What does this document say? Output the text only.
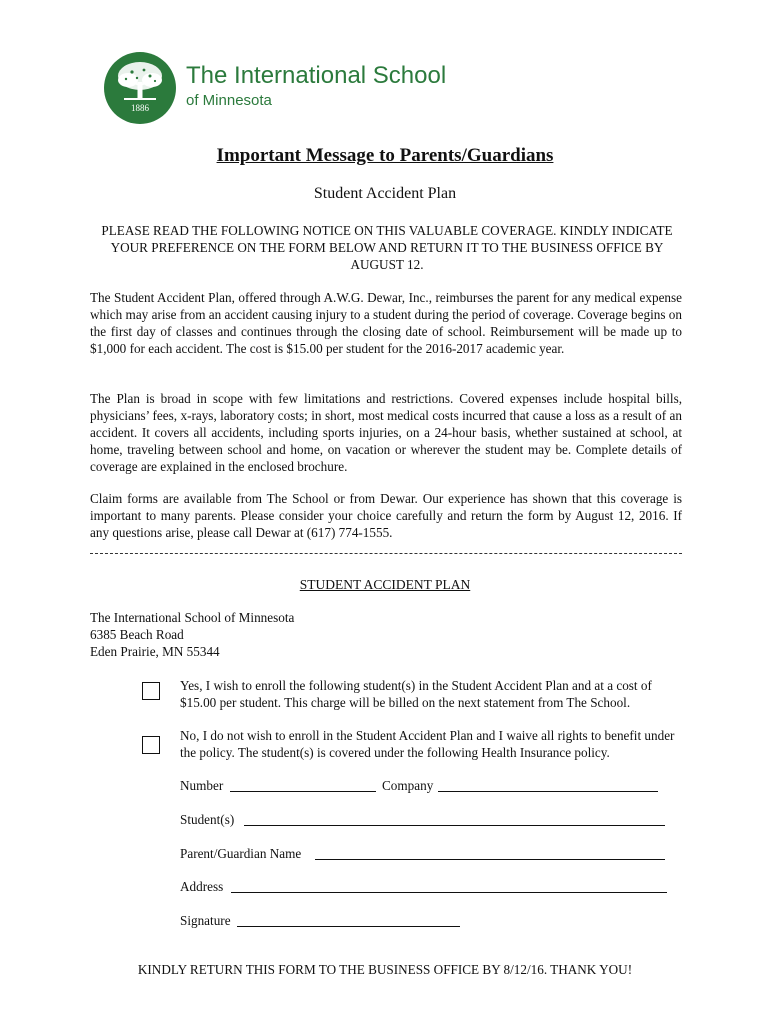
1886
The International School
of Minnesota
Important Message to Parents/Guardians
Student Accident Plan
PLEASE READ THE FOLLOWING NOTICE ON THIS VALUABLE COVERAGE. KINDLY INDICATE YOUR PREFERENCE ON THE FORM BELOW AND RETURN IT TO THE BUSINESS OFFICE BY AUGUST 12.

The Student Accident Plan, offered through A.W.G. Dewar, Inc., reimburses the parent for any medical expense which may arise from an accident causing injury to a student during the period of coverage. Coverage begins on the first day of classes and continues through the closing date of school. Reimbursement will be made up to $1,000 for each accident. The cost is $15.00 per student for the 2016-2017 academic year.

The Plan is broad in scope with few limitations and restrictions. Covered expenses include hospital bills, physicians’ fees, x-rays, laboratory costs; in short, most medical costs incurred that cause a loss as a result of an accident. It covers all accidents, including sports injuries, on a 24-hour basis, whether sustained at school, at home, traveling between school and home, on vacation or wherever the student may be. Complete details of coverage are explained in the enclosed brochure.

Claim forms are available from The School or from Dewar. Our experience has shown that this coverage is important to many parents. Please consider your choice carefully and return the form by August 12, 2016. If any questions arise, please call Dewar at (617) 774-1555.

STUDENT ACCIDENT PLAN
The International School of Minnesota
6385 Beach Road
Eden Prairie, MN 55344
Yes, I wish to enroll the following student(s) in the Student Accident Plan and at a cost of $15.00 per student. This charge will be billed on the next statement from The School.
No, I do not wish to enroll in the Student Accident Plan and I waive all rights to benefit under the policy. The student(s) is covered under the following Health Insurance policy.
Number	Company
Student(s)
Parent/Guardian Name
Address
Signature
KINDLY RETURN THIS FORM TO THE BUSINESS OFFICE BY 8/12/16. THANK YOU!
